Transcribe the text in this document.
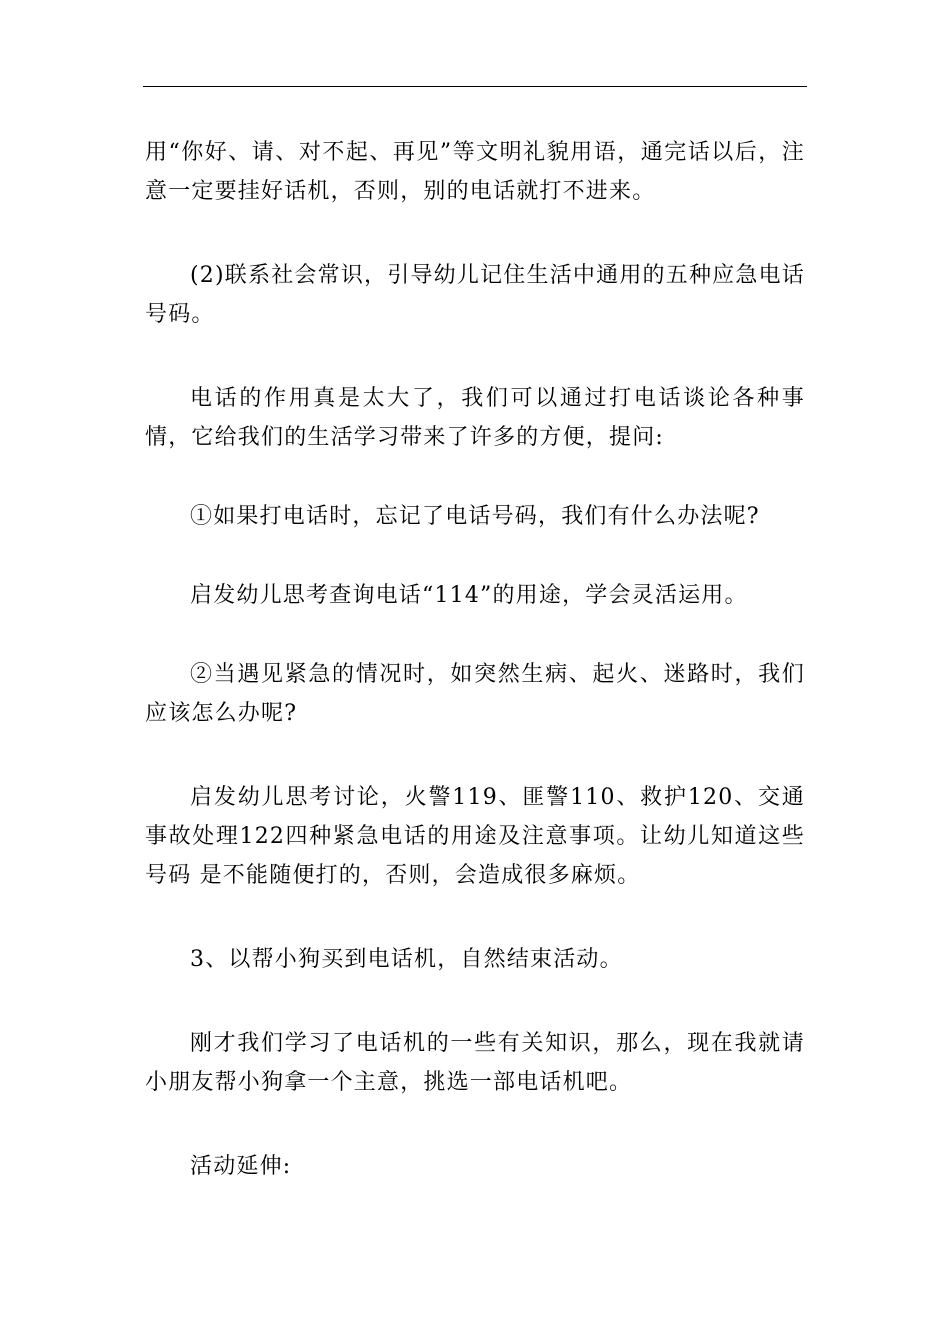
用“你好、请、对不起、再见”等文明礼貌用语，通完话以后，注意一定要挂好话机，否则，别的电话就打不进来。

(2)联系社会常识，引导幼儿记住生活中通用的五种应急电话号码。

电话的作用真是太大了，我们可以通过打电话谈论各种事情，它给我们的生活学习带来了许多的方便，提问:

①如果打电话时，忘记了电话号码，我们有什么办法呢?

启发幼儿思考查询电话“114”的用途，学会灵活运用。

②当遇见紧急的情况时，如突然生病、起火、迷路时，我们应该怎么办呢?

启发幼儿思考讨论，火警119、匪警110、救护120、交通事故处理122四种紧急电话的用途及注意事项。让幼儿知道这些号码 是不能随便打的，否则，会造成很多麻烦。

3、以帮小狗买到电话机，自然结束活动。

刚才我们学习了电话机的一些有关知识，那么，现在我就请小朋友帮小狗拿一个主意，挑选一部电话机吧。

活动延伸:
